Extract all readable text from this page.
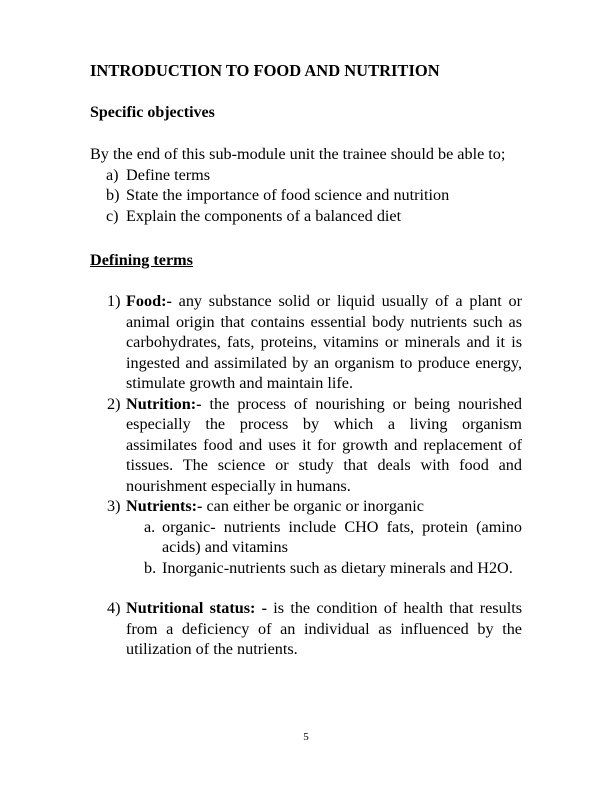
INTRODUCTION TO FOOD AND NUTRITION

Specific objectives

By the end of this sub-module unit the trainee should be able to;

a) Define terms
b) State the importance of food science and nutrition
c) Explain the components of a balanced diet

Defining terms

1) Food:- any substance solid or liquid usually of a plant or animal origin that contains essential body nutrients such as carbohydrates, fats, proteins, vitamins or minerals and it is ingested and assimilated by an organism to produce energy, stimulate growth and maintain life.
2) Nutrition:- the process of nourishing or being nourished especially the process by which a living organism assimilates food and uses it for growth and replacement of tissues. The science or study that deals with food and nourishment especially in humans.
3) Nutrients:- can either be organic or inorganic
a. organic- nutrients include CHO fats, protein (amino acids) and vitamins
b. Inorganic-nutrients such as dietary minerals and H2O.
4) Nutritional status: - is the condition of health that results from a deficiency of an individual as influenced by the utilization of the nutrients.
5
